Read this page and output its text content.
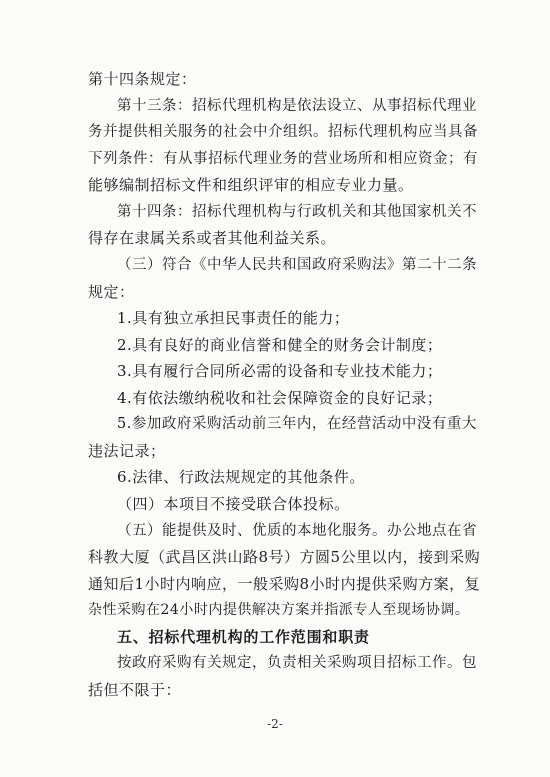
第十四条规定：
第十三条：招标代理机构是依法设立、从事招标代理业
务并提供相关服务的社会中介组织。招标代理机构应当具备
下列条件：有从事招标代理业务的营业场所和相应资金；有
能够编制招标文件和组织评审的相应专业力量。
第十四条：招标代理机构与行政机关和其他国家机关不
得存在隶属关系或者其他利益关系。
（三）符合《中华人民共和国政府采购法》第二十二条
规定：
1.具有独立承担民事责任的能力；
2.具有良好的商业信誉和健全的财务会计制度；
3.具有履行合同所必需的设备和专业技术能力；
4.有依法缴纳税收和社会保障资金的良好记录；
5.参加政府采购活动前三年内，在经营活动中没有重大
违法记录；
6.法律、行政法规规定的其他条件。
（四）本项目不接受联合体投标。
（五）能提供及时、优质的本地化服务。办公地点在省
科教大厦（武昌区洪山路8号）方圆5公里以内，接到采购
通知后1小时内响应，一般采购8小时内提供采购方案，复
杂性采购在24小时内提供解决方案并指派专人至现场协调。
五、招标代理机构的工作范围和职责
按政府采购有关规定，负责相关采购项目招标工作。包
括但不限于：
-2-
